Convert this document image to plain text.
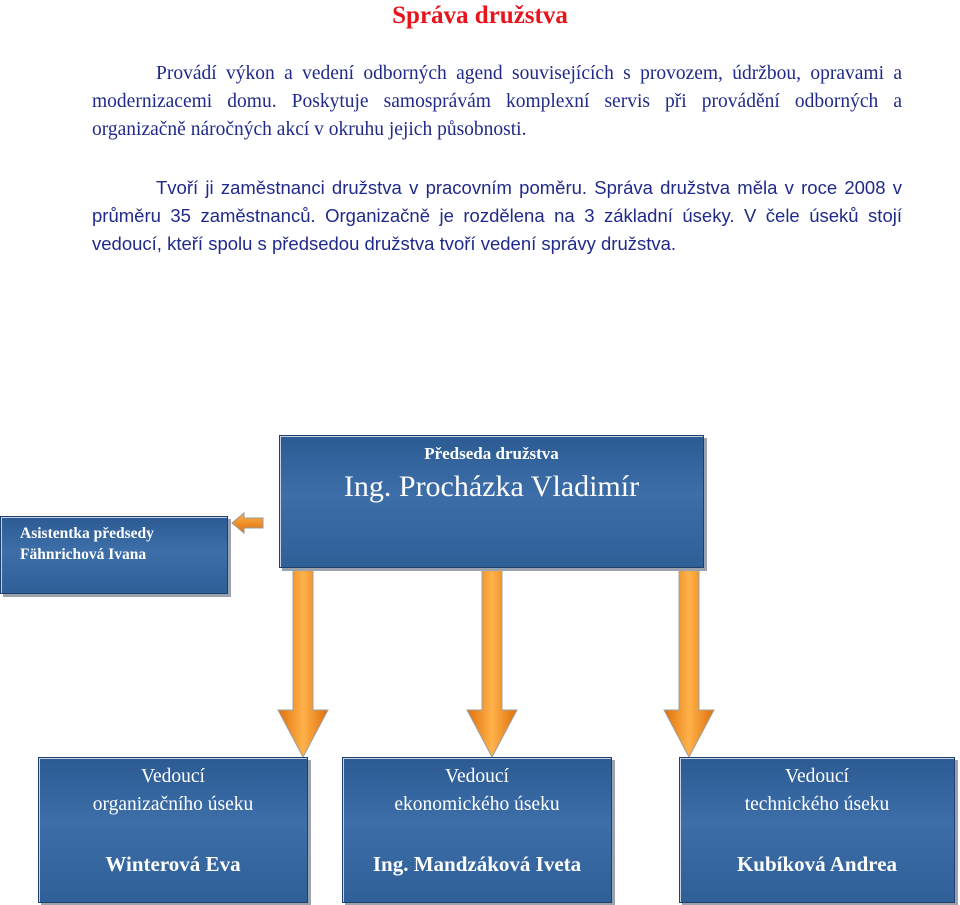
Správa družstva
Provádí výkon a vedení odborných agend souvisejících s provozem, údržbou, opravami a modernizacemi domu. Poskytuje samosprávám komplexní servis při provádění odborných a organizačně náročných akcí v okruhu jejich působnosti.
Tvoří ji zaměstnanci družstva v pracovním poměru. Správa družstva měla v roce 2008 v průměru 35 zaměstnanců. Organizačně je rozdělena na 3 základní úseky. V čele úseků stojí vedoucí, kteří spolu s předsedou družstva tvoří vedení správy družstva.
Předseda družstva
Ing. Procházka Vladimír
Asistentka předsedy
Fähnrichová Ivana
Vedoucí
organizačního úseku
Winterová Eva
Vedoucí
ekonomického úseku
Ing. Mandzáková Iveta
Vedoucí
technického úseku
Kubíková Andrea
